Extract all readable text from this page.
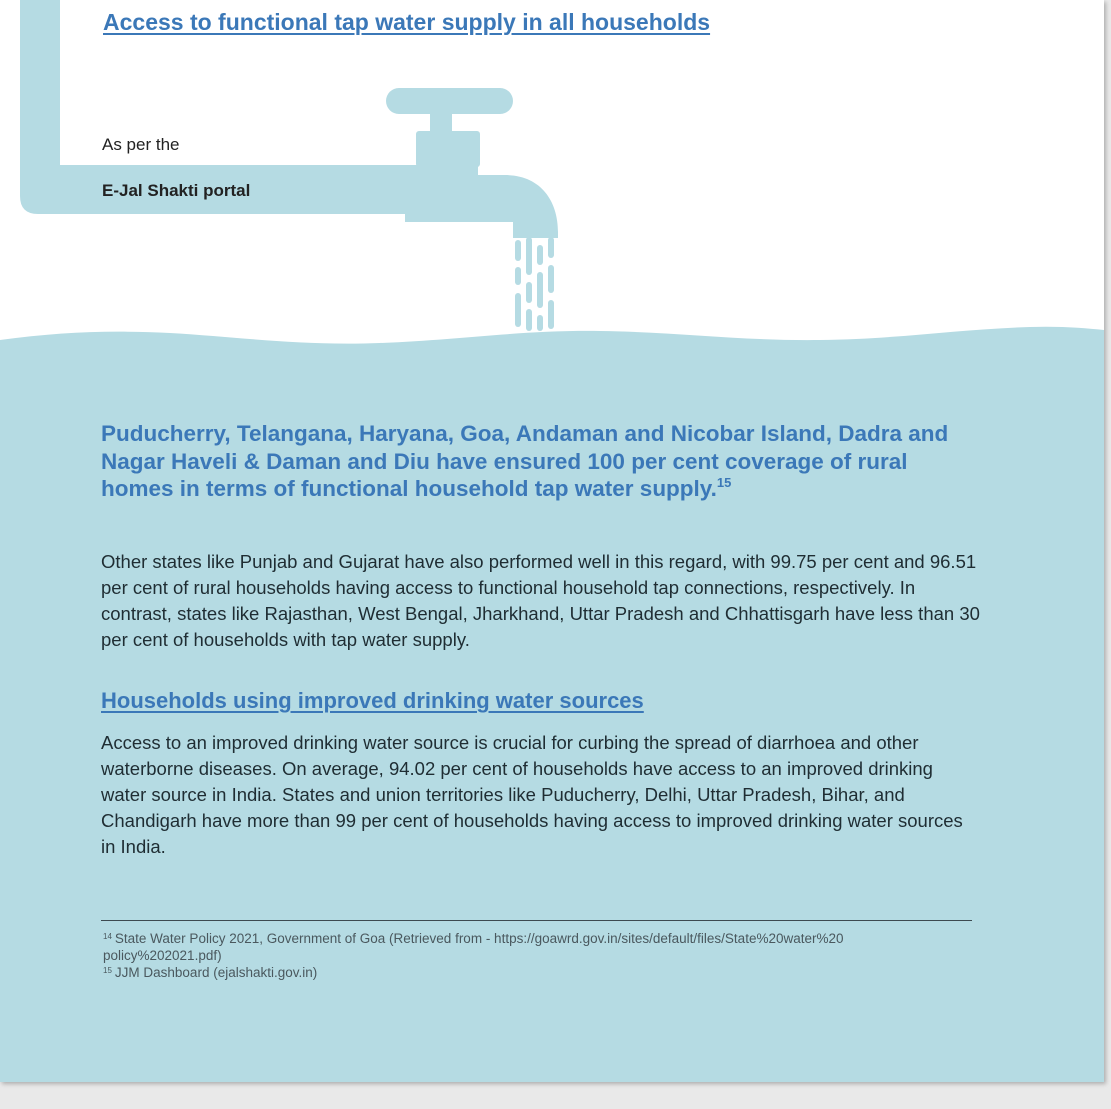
Access to functional tap water supply in all households
As per the
E-Jal Shakti portal

Puducherry, Telangana, Haryana, Goa, Andaman and Nicobar Island, Dadra and Nagar Haveli & Daman and Diu have ensured 100 per cent coverage of rural homes in terms of functional household tap water supply.$^{15}$

Other states like Punjab and Gujarat have also performed well in this regard, with 99.75 per cent and 96.51 per cent of rural households having access to functional household tap connections, respectively. In contrast, states like Rajasthan, West Bengal, Jharkhand, Uttar Pradesh and Chhattisgarh have less than 30 per cent of households with tap water supply.

Households using improved drinking water sources

Access to an improved drinking water source is crucial for curbing the spread of diarrhoea and other waterborne diseases. On average, 94.02 per cent of households have access to an improved drinking water source in India. States and union territories like Puducherry, Delhi, Uttar Pradesh, Bihar, and Chandigarh have more than 99 per cent of households having access to improved drinking water sources in India.

$^{14}$ State Water Policy 2021, Government of Goa (Retrieved from - https://goawrd.gov.in/sites/default/files/State%20water%20 policy%202021.pdf)

$^{15}$ JJM Dashboard (ejalshakti.gov.in)
